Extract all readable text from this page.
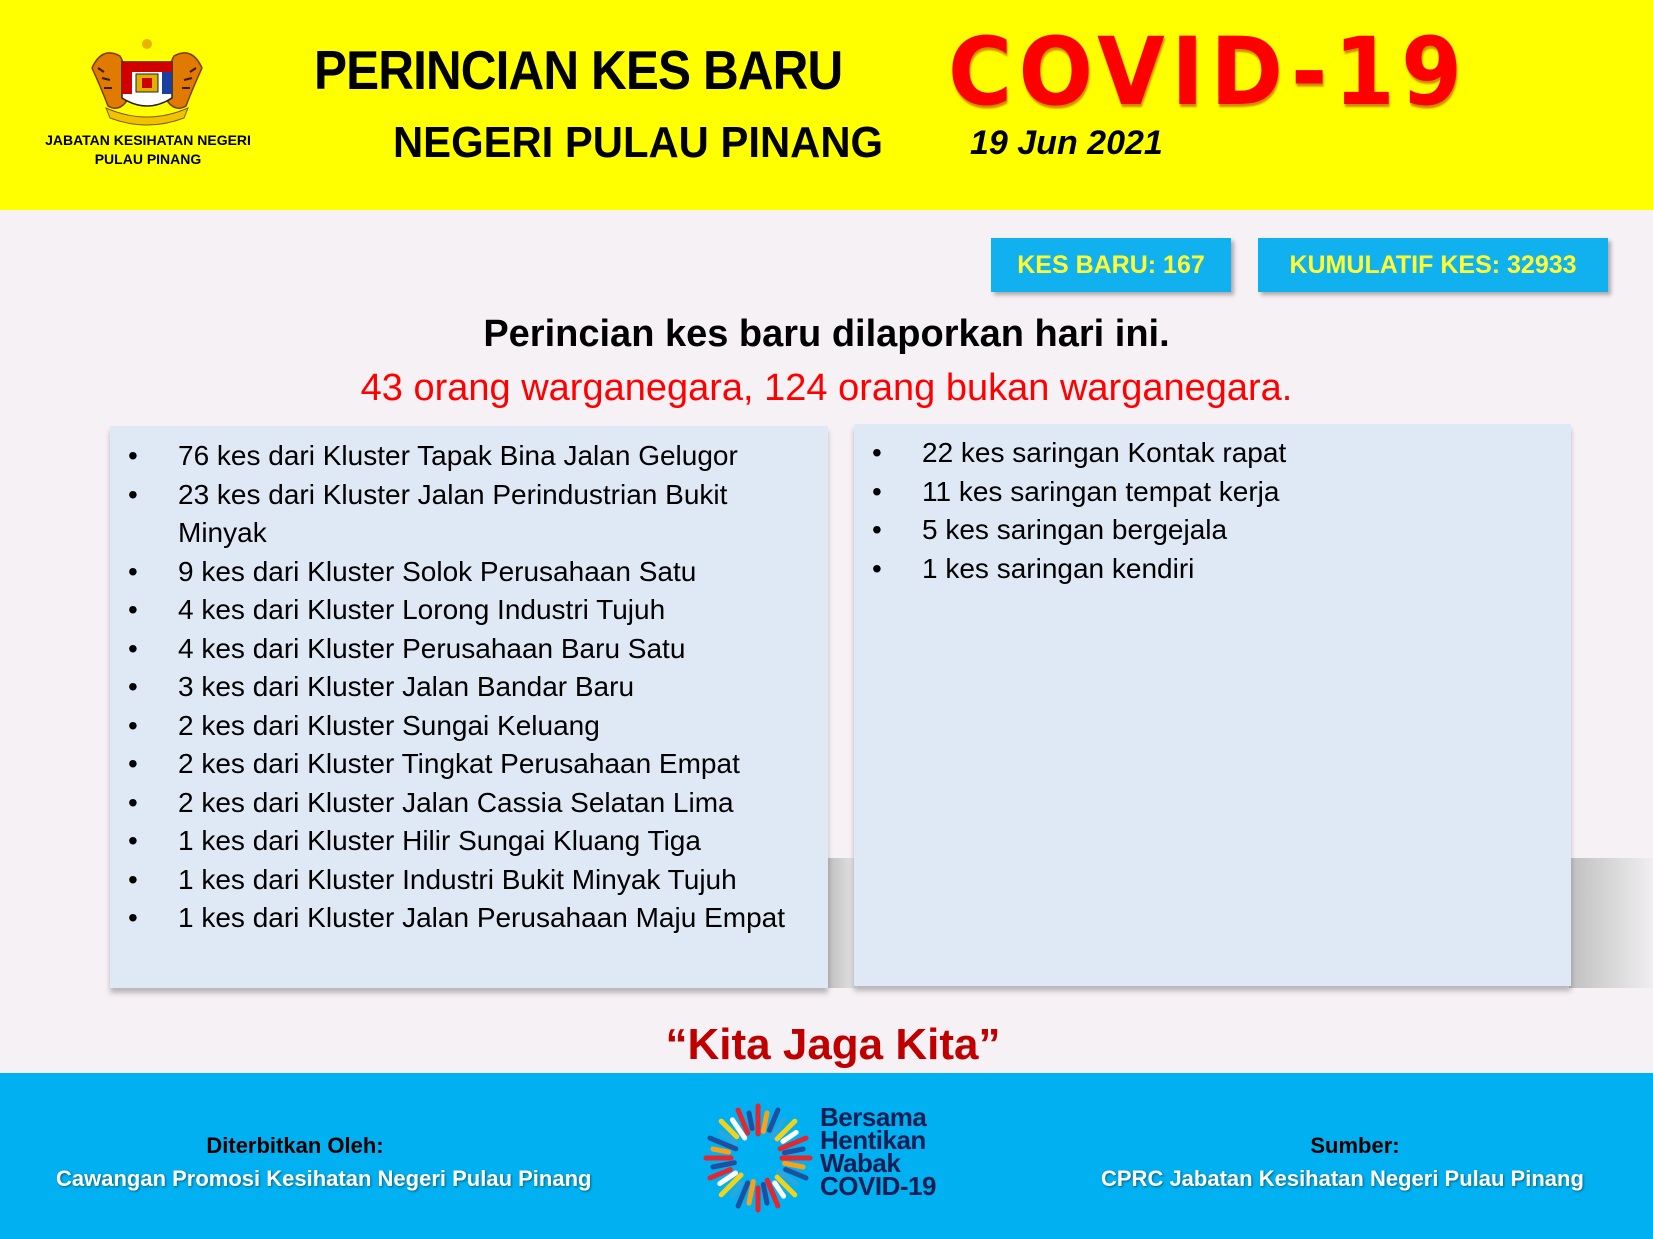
JABATAN KESIHATAN NEGERI
PULAU PINANG
PERINCIAN KES BARU COVID-19
NEGERI PULAU PINANG	19 Jun 2021
KES BARU: 167	KUMULATIF KES: 32933
Perincian kes baru dilaporkan hari ini.
43 orang warganegara, 124 orang bukan warganegara.
• 76 kes dari Kluster Tapak Bina Jalan Gelugor
• 23 kes dari Kluster Jalan Perindustrian Bukit Minyak
• 9 kes dari Kluster Solok Perusahaan Satu
• 4 kes dari Kluster Lorong Industri Tujuh
• 4 kes dari Kluster Perusahaan Baru Satu
• 3 kes dari Kluster Jalan Bandar Baru
• 2 kes dari Kluster Sungai Keluang
• 2 kes dari Kluster Tingkat Perusahaan Empat
• 2 kes dari Kluster Jalan Cassia Selatan Lima
• 1 kes dari Kluster Hilir Sungai Kluang Tiga
• 1 kes dari Kluster Industri Bukit Minyak Tujuh
• 1 kes dari Kluster Jalan Perusahaan Maju Empat
• 22 kes saringan Kontak rapat
• 11 kes saringan tempat kerja
• 5 kes saringan bergejala
• 1 kes saringan kendiri
“Kita Jaga Kita”
Diterbitkan Oleh:
Cawangan Promosi Kesihatan Negeri Pulau Pinang
Bersama
Hentikan
Wabak
COVID-19
Sumber:
CPRC Jabatan Kesihatan Negeri Pulau Pinang
